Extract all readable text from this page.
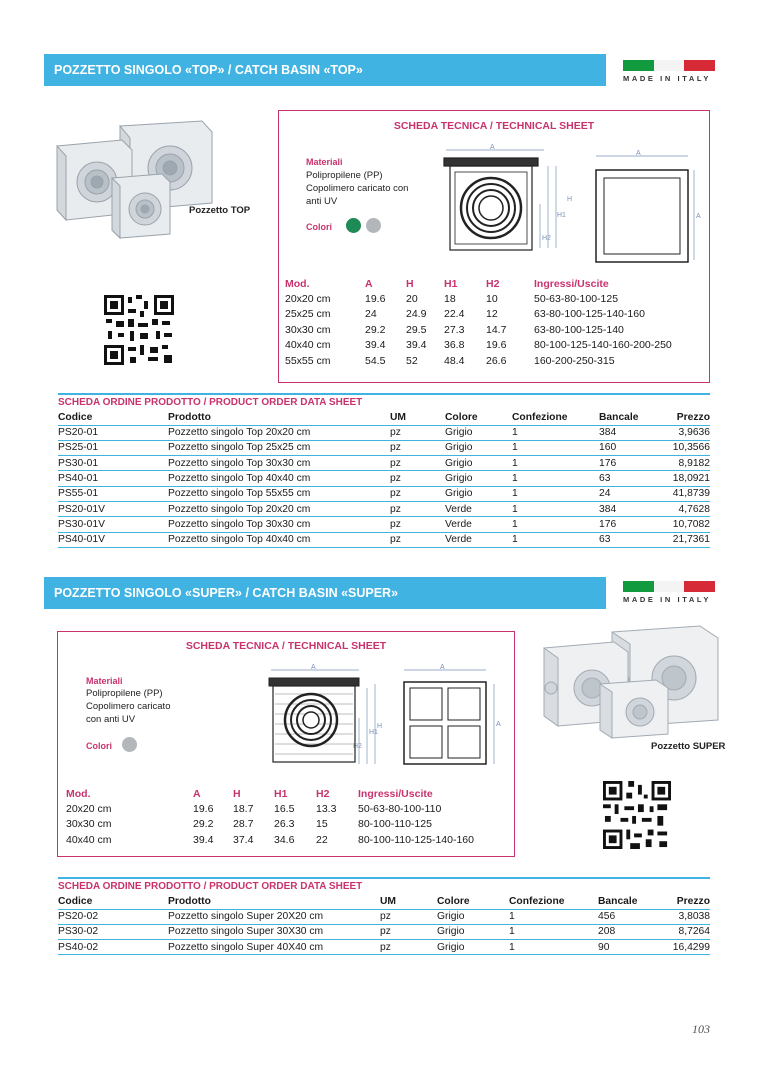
POZZETTO SINGOLO «TOP» / CATCH BASIN «TOP»
MADE IN ITALY
Pozzetto TOP
SCHEDA TECNICA / TECHNICAL SHEET
Materiali
Polipropilene (PP)
Copolimero caricato con
anti UV
Colori
A
H
H1
H2
A
A
Mod.	A	H	H1	H2	Ingressi/Uscite
20x20 cm	19.6	20	18	10	50-63-80-100-125
25x25 cm	24	24.9	22.4	12	63-80-100-125-140-160
30x30 cm	29.2	29.5	27.3	14.7	63-80-100-125-140
40x40 cm	39.4	39.4	36.8	19.6	80-100-125-140-160-200-250
55x55 cm	54.5	52	48.4	26.6	160-200-250-315
SCHEDA ORDINE PRODOTTO / PRODUCT ORDER DATA SHEET
Codice	Prodotto	UM	Colore	Confezione	Bancale	Prezzo
PS20-01	Pozzetto singolo Top 20x20 cm	pz	Grigio	1	384	3,9636
PS25-01	Pozzetto singolo Top 25x25 cm	pz	Grigio	1	160	10,3566
PS30-01	Pozzetto singolo Top 30x30 cm	pz	Grigio	1	176	8,9182
PS40-01	Pozzetto singolo Top 40x40 cm	pz	Grigio	1	63	18,0921
PS55-01	Pozzetto singolo Top 55x55 cm	pz	Grigio	1	24	41,8739
PS20-01V	Pozzetto singolo Top 20x20 cm	pz	Verde	1	384	4,7628
PS30-01V	Pozzetto singolo Top 30x30 cm	pz	Verde	1	176	10,7082
PS40-01V	Pozzetto singolo Top 40x40 cm	pz	Verde	1	63	21,7361
POZZETTO SINGOLO «SUPER» / CATCH BASIN «SUPER»	MADE IN ITALY
SCHEDA TECNICA / TECHNICAL SHEET
Materiali
Polipropilene (PP)
Copolimero caricato
con anti UV
Colori
A
H
H1
H2
A
A
Mod.	A	H	H1	H2	Ingressi/Uscite
20x20 cm	19.6	18.7	16.5	13.3	50-63-80-100-110
30x30 cm	29.2	28.7	26.3	15	80-100-110-125
40x40 cm	39.4	37.4	34.6	22	80-100-110-125-140-160
Pozzetto SUPER
SCHEDA ORDINE PRODOTTO / PRODUCT ORDER DATA SHEET
Codice	Prodotto	UM	Colore	Confezione	Bancale	Prezzo
PS20-02	Pozzetto singolo Super 20X20 cm	pz	Grigio	1	456	3,8038
PS30-02	Pozzetto singolo Super 30X30 cm	pz	Grigio	1	208	8,7264
PS40-02	Pozzetto singolo Super 40X40 cm	pz	Grigio	1	90	16,4299
103
